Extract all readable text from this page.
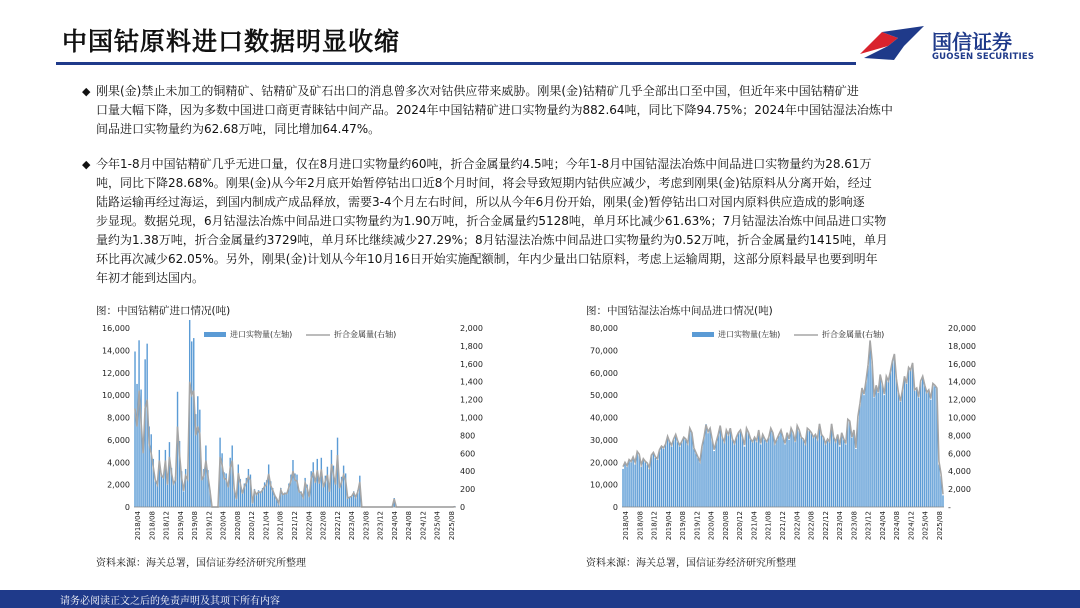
中国钴原料进口数据明显收缩	国信证券
GUOSEN SECURITIES
◆ 刚果(金)禁止未加工的铜精矿、钴精矿及矿石出口的消息曾多次对钴供应带来威胁。刚果(金)钴精矿几乎全部出口至中国，但近年来中国钴精矿进
口量大幅下降，因为多数中国进口商更青睐钴中间产品。2024年中国钴精矿进口实物量约为882.64吨，同比下降94.75%；2024年中国钴湿法冶炼中
间品进口实物量约为62.68万吨，同比增加64.47%。
◆ 今年1-8月中国钴精矿几乎无进口量，仅在8月进口实物量约60吨，折合金属量约4.5吨；今年1-8月中国钴湿法冶炼中间品进口实物量约为28.61万
吨，同比下降28.68%。刚果(金)从今年2月底开始暂停钴出口近8个月时间，将会导致短期内钴供应减少，考虑到刚果(金)钴原料从分离开始，经过
陆路运输再经过海运，到国内制成产成品释放，需要3-4个月左右时间，所以从今年6月份开始，刚果(金)暂停钴出口对国内原料供应造成的影响逐
步显现。数据兑现，6月钴湿法冶炼中间品进口实物量约为1.90万吨，折合金属量约5128吨，单月环比减少61.63%；7月钴湿法冶炼中间品进口实物
量约为1.38万吨，折合金属量约3729吨，单月环比继续减少27.29%；8月钴湿法冶炼中间品进口实物量约为0.52万吨，折合金属量约1415吨，单月
环比再次减少62.05%。另外，刚果(金)计划从今年10月16日开始实施配额制，年内少量出口钴原料，考虑上运输周期，这部分原料最早也要到明年
年初才能到达国内。
图：中国钴精矿进口情况(吨)
0
2,000
4,000
6,000
8,000
10,000
12,000
14,000
16,000
0
200
400
600
800
1,000
1,200
1,400
1,600
1,800
2,000
2018/04 2018/08 2018/12 2019/04 2019/08 2019/12 2020/04 2020/08 2020/12 2021/04 2021/08 2021/12 2022/04 2022/08 2022/12 2023/04 2023/08 2023/12 2024/04 2024/08 2024/12 2025/04 2025/08
进口实物量(左轴)	折合金属量(右轴)
资料来源：海关总署，国信证券经济研究所整理
图：中国钴湿法冶炼中间品进口情况(吨)
0
10,000
20,000
30,000
40,000
50,000
60,000
70,000
80,000
-
2,000
4,000
6,000
8,000
10,000
12,000
14,000
16,000
18,000
20,000
2018/04 2018/08 2018/12 2019/04 2019/08 2019/12 2020/04 2020/08 2020/12 2021/04 2021/08 2021/12 2022/04 2022/08 2022/12 2023/04 2023/08 2023/12 2024/04 2024/08 2024/12 2025/04 2025/08
进口实物量(左轴)	折合金属量(右轴)
资料来源：海关总署，国信证券经济研究所整理
请务必阅读正文之后的免责声明及其项下所有内容
